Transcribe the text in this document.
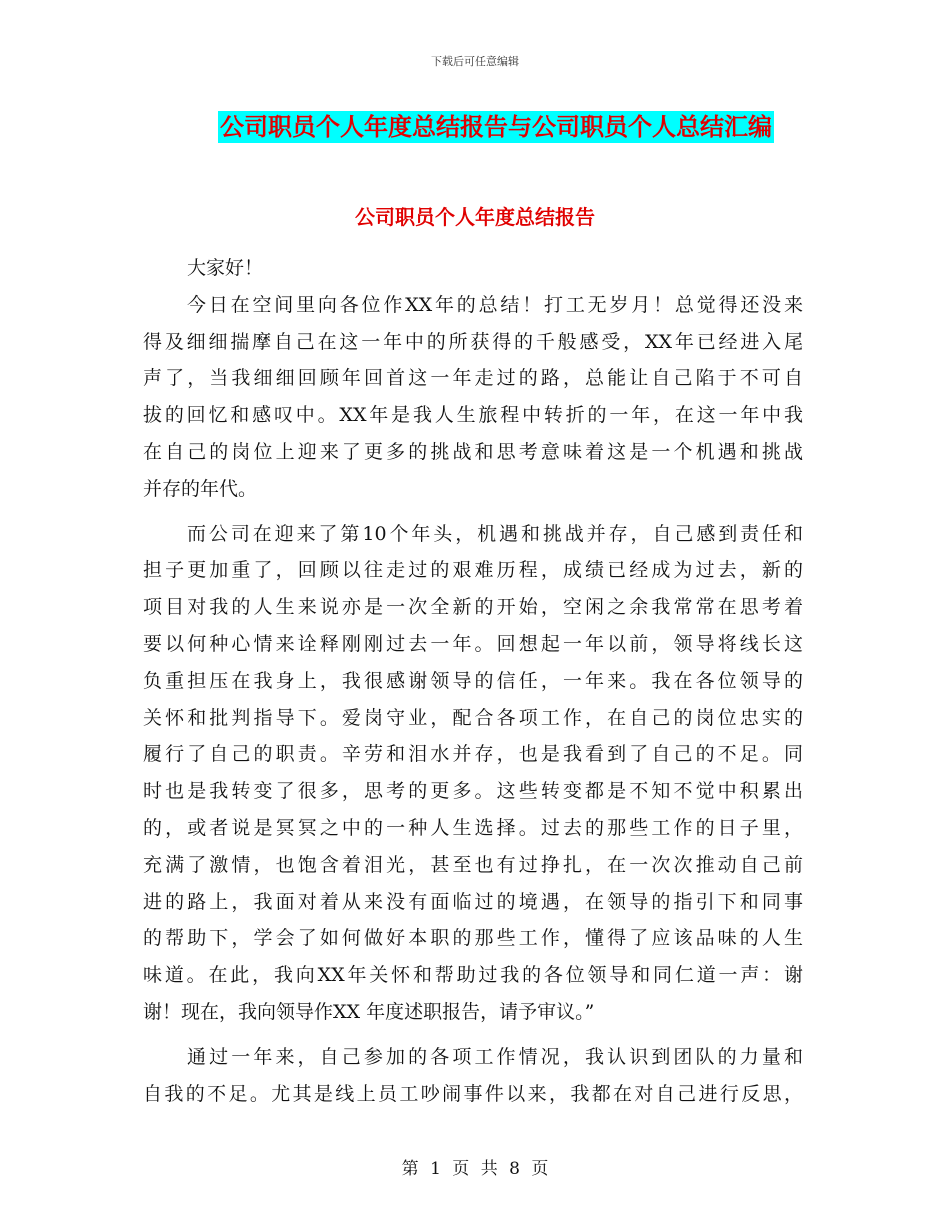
下载后可任意编辑
公司职员个人年度总结报告与公司职员个人总结汇编
公司职员个人年度总结报告
大家好！
今日在空间里向各位作XX年的总结！打工无岁月！总觉得还没来
得及细细揣摩自己在这一年中的所获得的千般感受，XX年已经进入尾
声了，当我细细回顾年回首这一年走过的路，总能让自己陷于不可自
拔的回忆和感叹中。XX年是我人生旅程中转折的一年，在这一年中我
在自己的岗位上迎来了更多的挑战和思考意味着这是一个机遇和挑战
并存的年代。
而公司在迎来了第10个年头，机遇和挑战并存，自己感到责任和
担子更加重了，回顾以往走过的艰难历程，成绩已经成为过去，新的
项目对我的人生来说亦是一次全新的开始，空闲之余我常常在思考着
要以何种心情来诠释刚刚过去一年。回想起一年以前，领导将线长这
负重担压在我身上，我很感谢领导的信任，一年来。我在各位领导的
关怀和批判指导下。爱岗守业，配合各项工作，在自己的岗位忠实的
履行了自己的职责。辛劳和泪水并存，也是我看到了自己的不足。同
时也是我转变了很多，思考的更多。这些转变都是不知不觉中积累出
的，或者说是冥冥之中的一种人生选择。过去的那些工作的日子里，
充满了激情，也饱含着泪光，甚至也有过挣扎，在一次次推动自己前
进的路上，我面对着从来没有面临过的境遇，在领导的指引下和同事
的帮助下，学会了如何做好本职的那些工作，懂得了应该品味的人生
味道。在此，我向XX年关怀和帮助过我的各位领导和同仁道一声：谢
谢！现在，我向领导作XX 年度述职报告，请予审议。”
通过一年来，自己参加的各项工作情况，我认识到团队的力量和
自我的不足。尤其是线上员工吵闹事件以来，我都在对自己进行反思，
第 1 页 共 8 页
